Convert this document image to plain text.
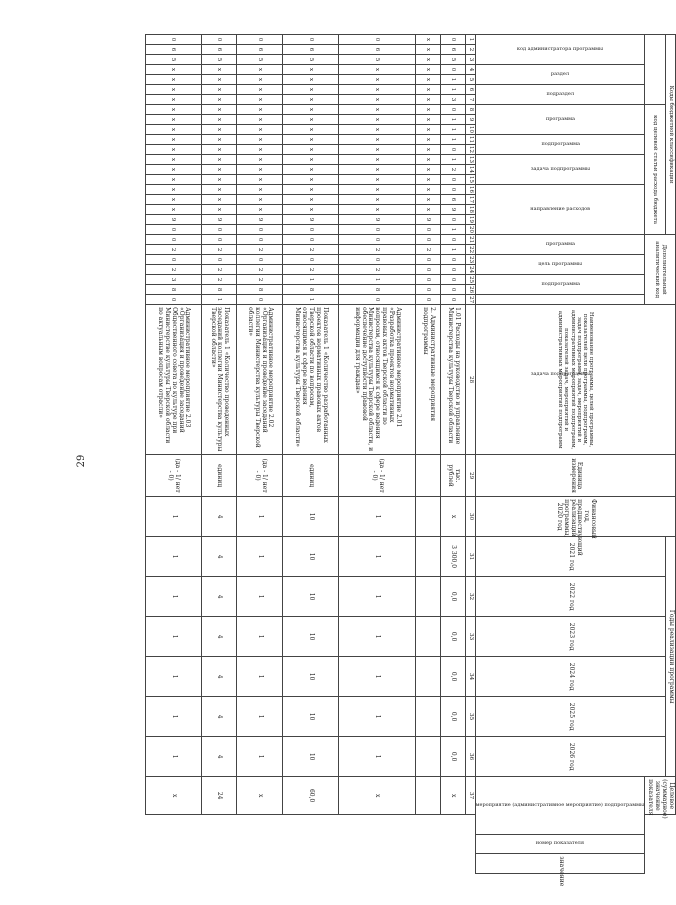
29
Коды бюджетной классификации																				Дополнительный аналитический код							Наименование программы, целей программы, показателей цели программы, подпрограмм, задач подпрограмм, задач, мероприятий и административных мероприятий подпрограмм, показателей задач, мероприятий и административных мероприятий подпрограмм	Единица измерения	Финансовый год, предшествующий реализации программы, 2020 год	Годы реализации программы						Целевое (суммарное) значение показателя		
							код целевой статьи расхода бюджета																							2021 год	2022 год	2023 год	2024 год	2025 год	2026 год			

код администратора программы			раздел		подраздел		программа			подпрограмма		задача подпрограммы			направление расходов					программа		цель программы		подпрограмма		задача подпрограммы										мероприятие (административное мероприятие) подпрограммы	номер показателя	значение
1	2	3	4	5	6	7	8	9	10	11	12	13	14	15	16	17	18	19	20	21	22	23	24	25	26	27	28	29	30	31	32	33	34	35	36	37		
0	6	5	0	1	1	3	0	1	1	1	0	1	2	0	0	6	9	0	1	0	1	0	0	0	0	0	1.01 Расходы на руководство и управление Министерства культуры Тверской области	тыс. рублей	х	3 300,0	0,0	0,0	0,0	0,0	0,0	х		
х	х	х	х	х	х	х	х	х	х	х	х	х	х	х	х	х	х	9	0	0	2	0	0	0	0	0	2. Административные мероприятия подпрограммы											
0	6	5	х	х	х	х	х	х	х	х	х	х	х	х	х	х	х	9	0	0	2	0	2	1	8	0	Административное мероприятие 2.01 «Разработка проектов нормативных правовых актов Тверской области по вопросам, относящимся к сфере ведения Министерства культуры Тверской области, и обеспечение доступности правовой информации для граждан»	(да - 1/ нет - 0)	1	1	1	1	1	1	1	х		
0	6	5	х	х	х	х	х	х	х	х	х	х	х	х	х	х	х	9	0	0	2	0	2	1	8	1	Показатель 1 «Количество разработанных проектов нормативных правовых актов Тверской области по вопросам, относящимся к сфере ведения Министерства культуры Тверской области»	единиц	10	10	10	10	10	10	10	60,0		
0	6	5	х	х	х	х	х	х	х	х	х	х	х	х	х	х	х	9	0	0	2	0	2	2	8	0	Административное мероприятие 2.02 «Организация и проведение заседаний коллегии Министерства культуры Тверской области»	(да - 1/ нет - 0)	1	1	1	1	1	1	1	х		
0	6	5	х	х	х	х	х	х	х	х	х	х	х	х	х	х	х	9	0	0	2	0	2	2	8	1	Показатель 1 «Количество проведенных заседаний коллегии Министерства культуры Тверской области»	единиц	4	4	4	4	4	4	4	24		
0	6	5	х	х	х	х	х	х	х	х	х	х	х	х	х	х	х	9	0	0	2	0	2	3	8	0	Административное мероприятие 2.03 «Организация и проведение заседаний Общественного совета по культуре при Министерстве культуры Тверской области по актуальным вопросам отрасли»	(да - 1/ нет - 0)	1	1	1	1	1	1	1	х		
